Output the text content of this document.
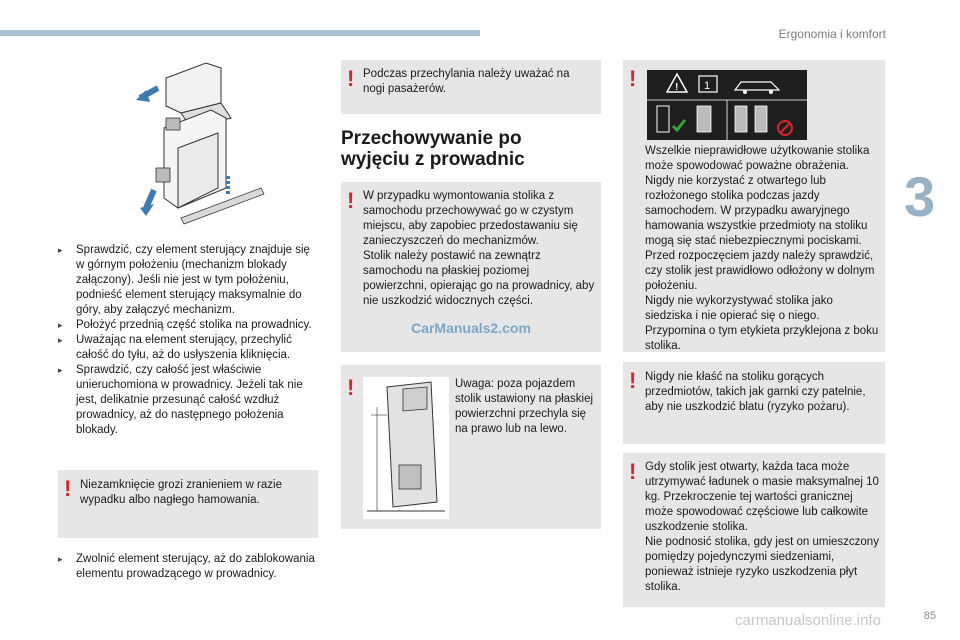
Ergonomia i komfort
3
85
▸ Sprawdzić, czy element sterujący znajduje się w górnym położeniu (mechanizm blokady załączony). Jeśli nie jest w tym położeniu, podnieść element sterujący maksymalnie do góry, aby załączyć mechanizm.
▸ Położyć przednią część stolika na prowadnicy.
▸ Uważając na element sterujący, przechylić całość do tyłu, aż do usłyszenia kliknięcia.
▸ Sprawdzić, czy całość jest właściwie unieruchomiona w prowadnicy. Jeżeli tak nie jest, delikatnie przesunąć całość wzdłuż prowadnicy, aż do następnego położenia blokady.
! Niezamknięcie grozi zranieniem w razie wypadku albo nagłego hamowania.
▸ Zwolnić element sterujący, aż do zablokowania elementu prowadzącego w prowadnicy.
! Podczas przechylania należy uważać na nogi pasażerów.
Przechowywanie po wyjęciu z prowadnic
! W przypadku wymontowania stolika z samochodu przechowywać go w czystym miejscu, aby zapobiec przedostawaniu się zanieczyszczeń do mechanizmów.
Stolik należy postawić na zewnątrz samochodu na płaskiej poziomej powierzchni, opierając go na prowadnicy, aby nie uszkodzić widocznych części.
CarManuals2.com
!	Uwaga: poza pojazdem stolik ustawiony na płaskiej powierzchni przechyla się na prawo lub na lewo.
!	! 1
Wszelkie nieprawidłowe użytkowanie stolika może spowodować poważne obrażenia.
Nigdy nie korzystać z otwartego lub rozłożonego stolika podczas jazdy samochodem. W przypadku awaryjnego hamowania wszystkie przedmioty na stoliku mogą się stać niebezpiecznymi pociskami.
Przed rozpoczęciem jazdy należy sprawdzić, czy stolik jest prawidłowo odłożony w dolnym położeniu.
Nigdy nie wykorzystywać stolika jako siedziska i nie opierać się o niego.
Przypomina o tym etykieta przyklejona z boku stolika.
! Nigdy nie kłaść na stoliku gorących przedmiotów, takich jak garnki czy patelnie, aby nie uszkodzić blatu (ryzyko pożaru).
! Gdy stolik jest otwarty, każda taca może utrzymywać ładunek o masie maksymalnej 10 kg. Przekroczenie tej wartości granicznej może spowodować częściowe lub całkowite uszkodzenie stolika.
Nie podnosić stolika, gdy jest on umieszczony pomiędzy pojedynczymi siedzeniami, ponieważ istnieje ryzyko uszkodzenia płyt stolika.
carmanualsonline.info
